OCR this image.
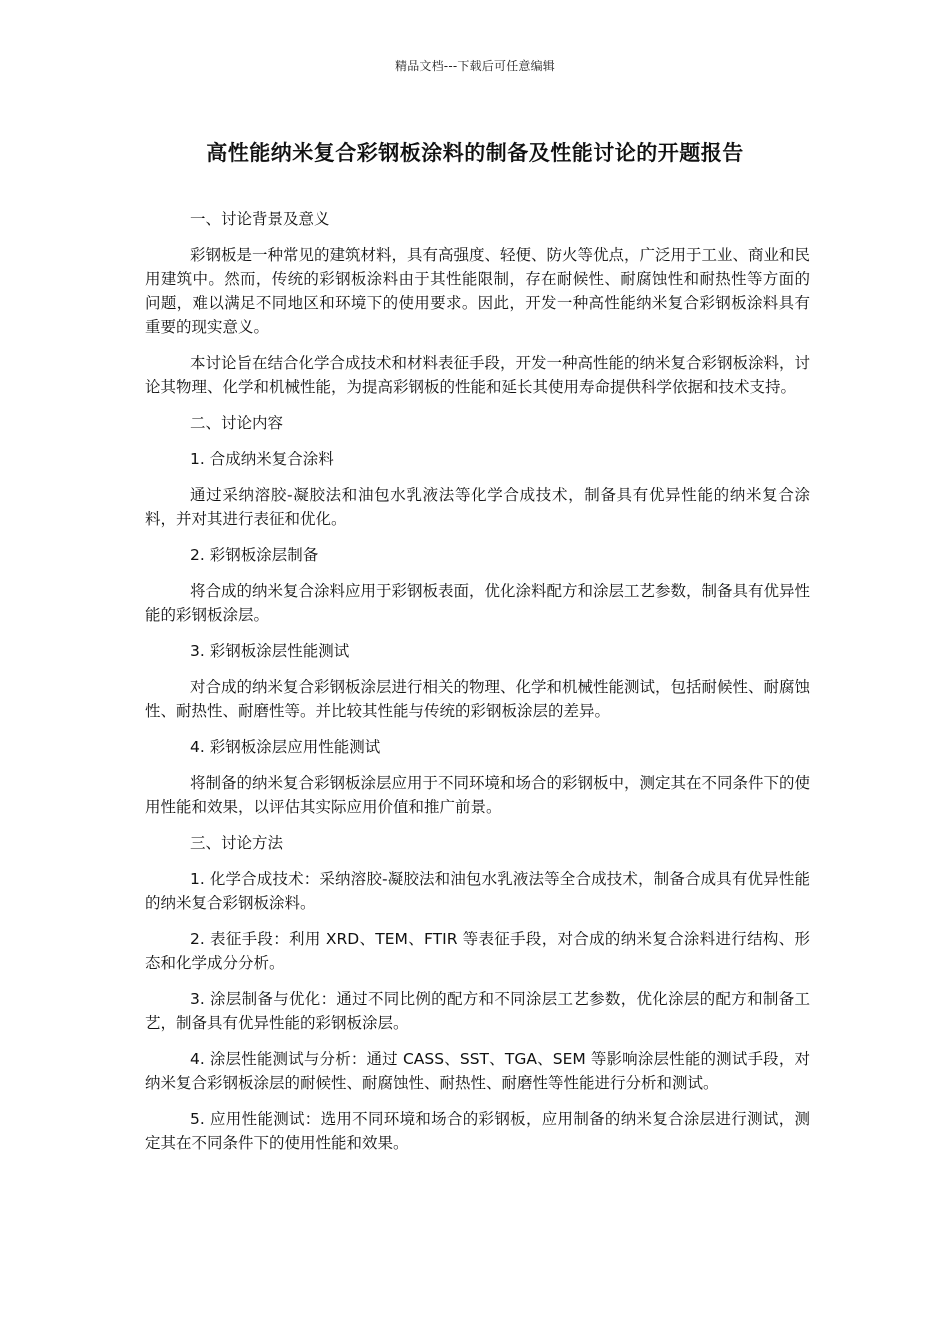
精品文档---下载后可任意编辑
高性能纳米复合彩钢板涂料的制备及性能讨论的开题报告

一、讨论背景及意义

彩钢板是一种常见的建筑材料，具有高强度、轻便、防火等优点，广泛用于工业、商业和民用建筑中。然而，传统的彩钢板涂料由于其性能限制，存在耐候性、耐腐蚀性和耐热性等方面的问题，难以满足不同地区和环境下的使用要求。因此，开发一种高性能纳米复合彩钢板涂料具有重要的现实意义。

本讨论旨在结合化学合成技术和材料表征手段，开发一种高性能的纳米复合彩钢板涂料，讨论其物理、化学和机械性能，为提高彩钢板的性能和延长其使用寿命提供科学依据和技术支持。

二、讨论内容

1. 合成纳米复合涂料

通过采纳溶胶-凝胶法和油包水乳液法等化学合成技术，制备具有优异性能的纳米复合涂料，并对其进行表征和优化。

2. 彩钢板涂层制备

将合成的纳米复合涂料应用于彩钢板表面，优化涂料配方和涂层工艺参数，制备具有优异性能的彩钢板涂层。

3. 彩钢板涂层性能测试

对合成的纳米复合彩钢板涂层进行相关的物理、化学和机械性能测试，包括耐候性、耐腐蚀性、耐热性、耐磨性等。并比较其性能与传统的彩钢板涂层的差异。

4. 彩钢板涂层应用性能测试

将制备的纳米复合彩钢板涂层应用于不同环境和场合的彩钢板中，测定其在不同条件下的使用性能和效果，以评估其实际应用价值和推广前景。

三、讨论方法

1. 化学合成技术：采纳溶胶-凝胶法和油包水乳液法等全合成技术，制备合成具有优异性能的纳米复合彩钢板涂料。

2. 表征手段：利用 XRD、TEM、FTIR 等表征手段，对合成的纳米复合涂料进行结构、形态和化学成分分析。

3. 涂层制备与优化：通过不同比例的配方和不同涂层工艺参数，优化涂层的配方和制备工艺，制备具有优异性能的彩钢板涂层。

4. 涂层性能测试与分析：通过 CASS、SST、TGA、SEM 等影响涂层性能的测试手段，对纳米复合彩钢板涂层的耐候性、耐腐蚀性、耐热性、耐磨性等性能进行分析和测试。

5. 应用性能测试：选用不同环境和场合的彩钢板，应用制备的纳米复合涂层进行测试，测定其在不同条件下的使用性能和效果。
